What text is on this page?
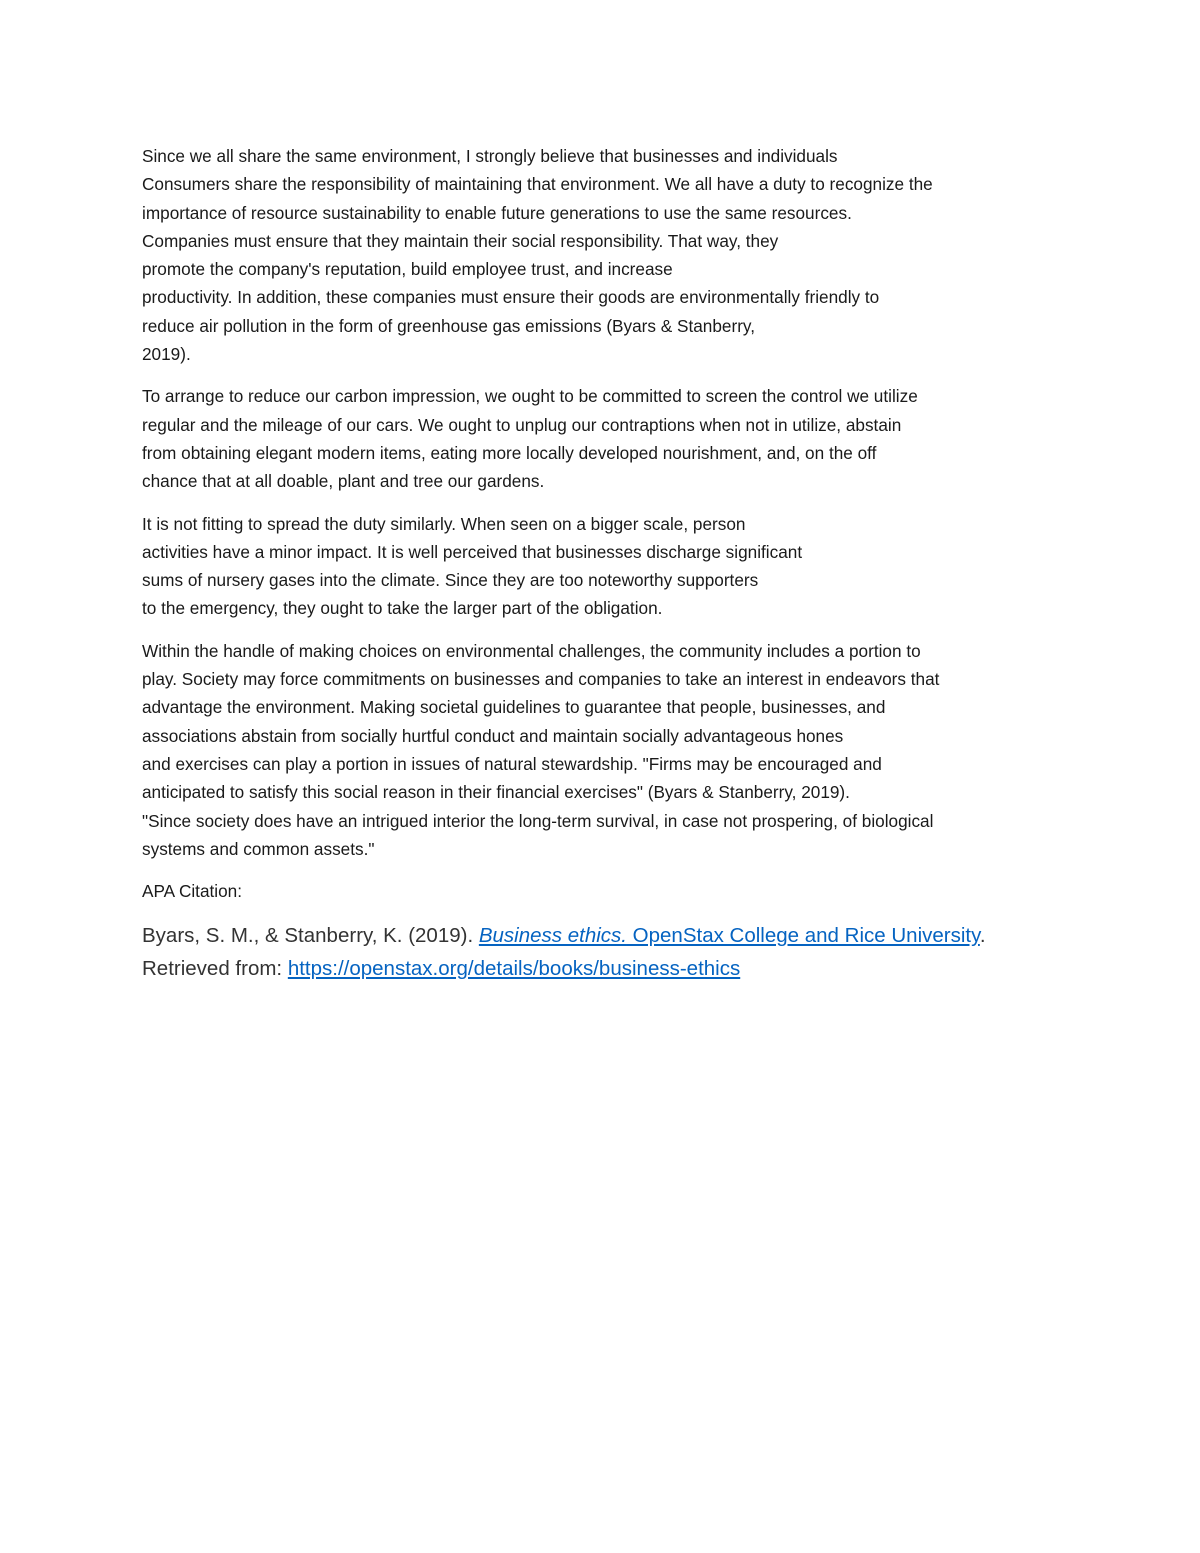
Since we all share the same environment, I strongly believe that businesses and individuals
Consumers share the responsibility of maintaining that environment. We all have a duty to recognize the
importance of resource sustainability to enable future generations to use the same resources.
Companies must ensure that they maintain their social responsibility. That way, they
promote the company's reputation, build employee trust, and increase
productivity. In addition, these companies must ensure their goods are environmentally friendly to
reduce air pollution in the form of greenhouse gas emissions (Byars & Stanberry,
2019).
To arrange to reduce our carbon impression, we ought to be committed to screen the control we utilize
regular and the mileage of our cars. We ought to unplug our contraptions when not in utilize, abstain
from obtaining elegant modern items, eating more locally developed nourishment, and, on the off
chance that at all doable, plant and tree our gardens.
It is not fitting to spread the duty similarly. When seen on a bigger scale, person
activities have a minor impact. It is well perceived that businesses discharge significant
sums of nursery gases into the climate. Since they are too noteworthy supporters
to the emergency, they ought to take the larger part of the obligation.
Within the handle of making choices on environmental challenges, the community includes a portion to
play. Society may force commitments on businesses and companies to take an interest in endeavors that
advantage the environment. Making societal guidelines to guarantee that people, businesses, and
associations abstain from socially hurtful conduct and maintain socially advantageous hones
and exercises can play a portion in issues of natural stewardship. "Firms may be encouraged and
anticipated to satisfy this social reason in their financial exercises" (Byars & Stanberry, 2019).
"Since society does have an intrigued interior the long-term survival, in case not prospering, of biological
systems and common assets."
APA Citation:
Byars, S. M., & Stanberry, K. (2019). Business ethics. OpenStax College and Rice University.
Retrieved from: https://openstax.org/details/books/business-ethics
